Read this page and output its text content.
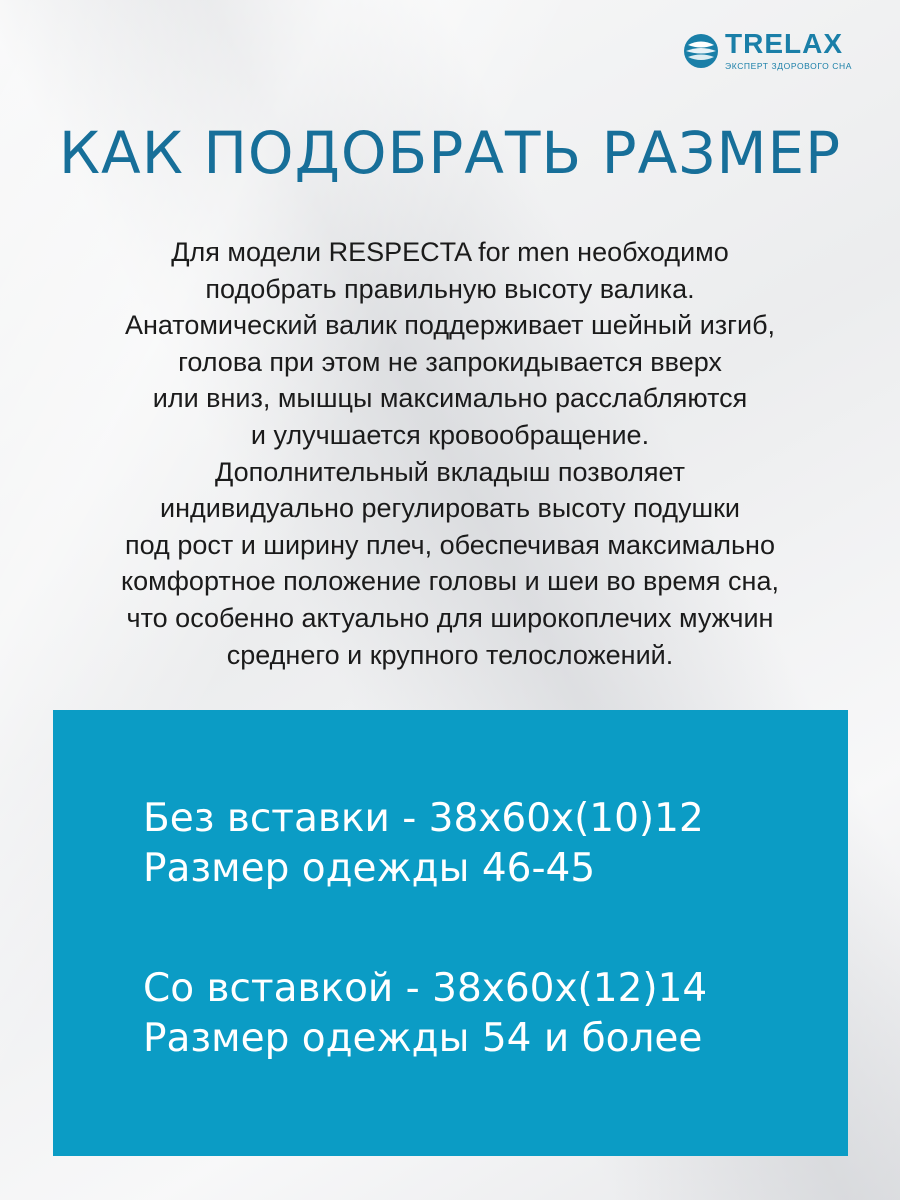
TRELAX
ЭКСПЕРТ ЗДОРОВОГО СНА
КАК ПОДОБРАТЬ РАЗМЕР
Для модели RESPECTA for men необходимо
подобрать правильную высоту валика.
Анатомический валик поддерживает шейный изгиб,
голова при этом не запрокидывается вверх
или вниз, мышцы максимально расслабляются
и улучшается кровообращение.
Дополнительный вкладыш позволяет
индивидуально регулировать высоту подушки
под рост и ширину плеч, обеспечивая максимально
комфортное положение головы и шеи во время сна,
что особенно актуально для широкоплечих мужчин
среднего и крупного телосложений.
Без вставки - 38x60x(10)12
Размер одежды 46-45
Со вставкой - 38x60x(12)14
Размер одежды 54 и более
